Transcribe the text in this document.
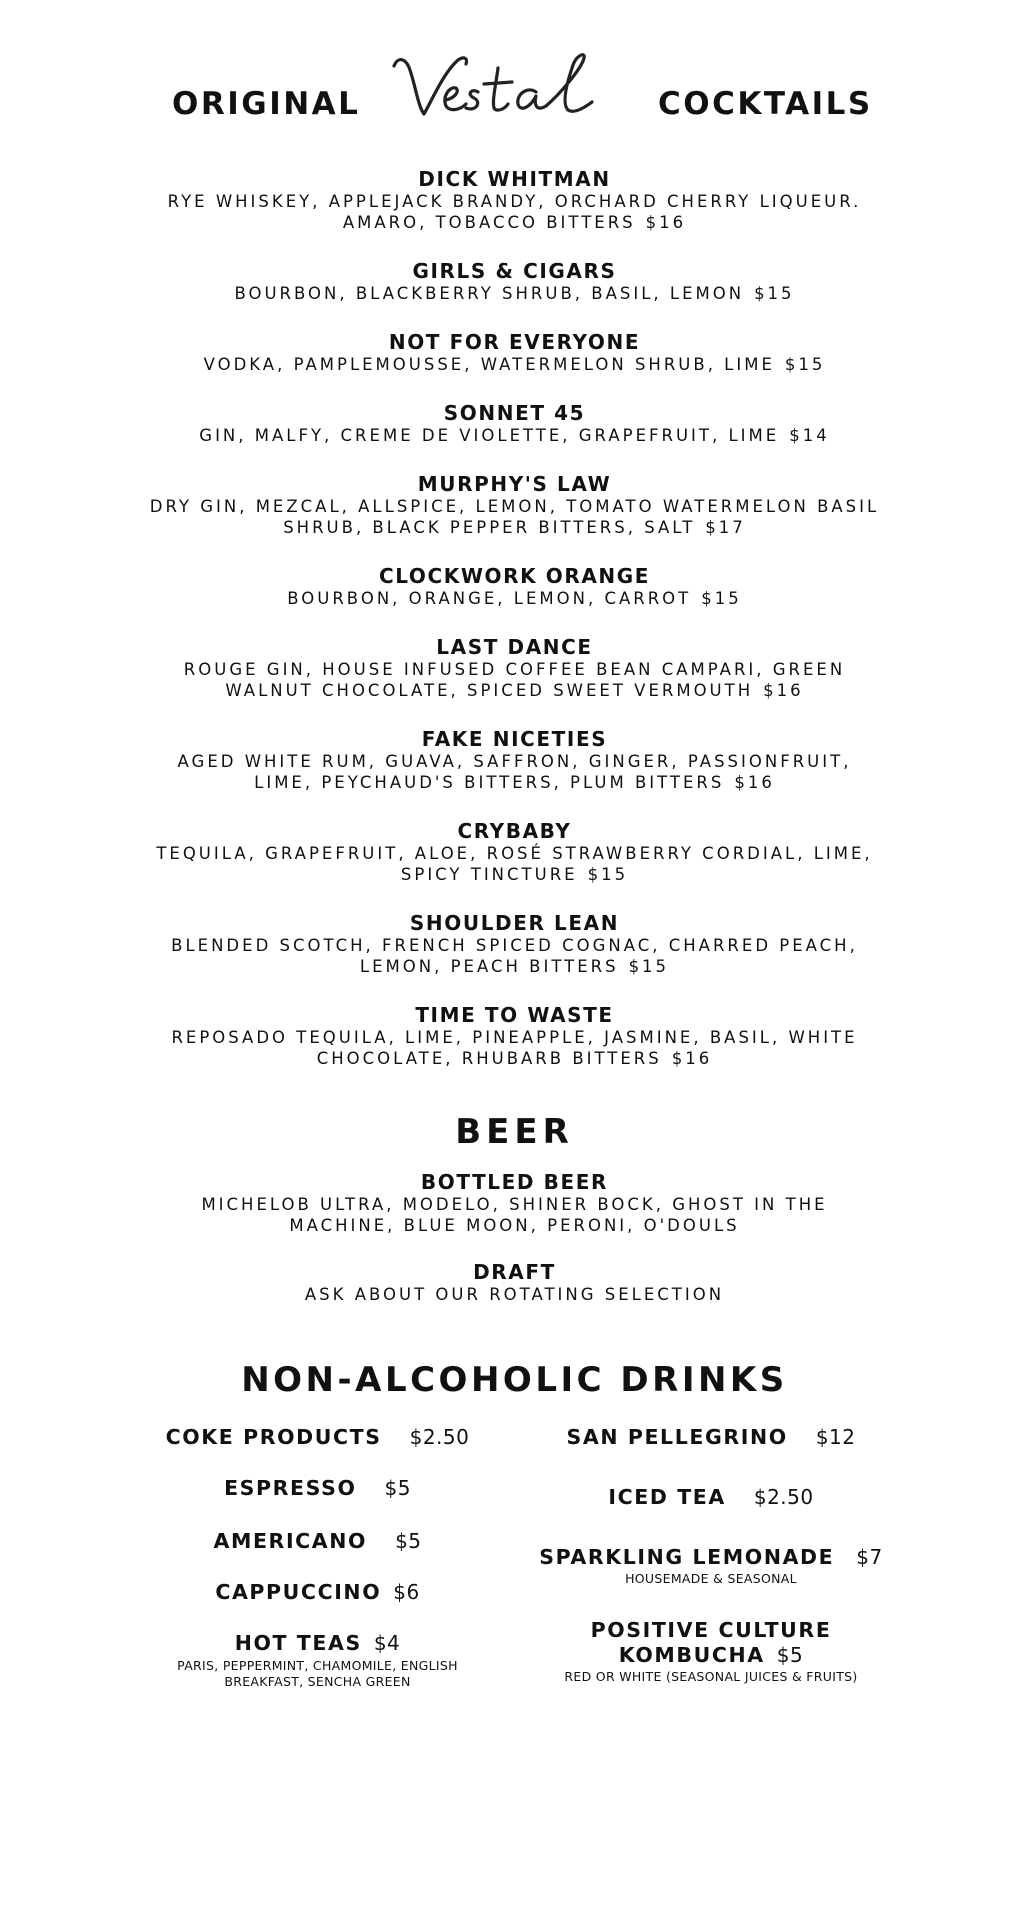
ORIGINAL
Vestal
COCKTAILS
DICK WHITMAN
RYE WHISKEY, APPLEJACK BRANDY, ORCHARD CHERRY LIQUEUR. AMARO, TOBACCO BITTERS $16
GIRLS & CIGARS
BOURBON, BLACKBERRY SHRUB, BASIL, LEMON $15
NOT FOR EVERYONE
VODKA, PAMPLEMOUSSE, WATERMELON SHRUB, LIME $15
SONNET 45
GIN, MALFY, CREME DE VIOLETTE, GRAPEFRUIT, LIME $14
MURPHY'S LAW
DRY GIN, MEZCAL, ALLSPICE, LEMON, TOMATO WATERMELON BASIL SHRUB, BLACK PEPPER BITTERS, SALT $17
CLOCKWORK ORANGE
BOURBON, ORANGE, LEMON, CARROT $15
LAST DANCE
ROUGE GIN, HOUSE INFUSED COFFEE BEAN CAMPARI, GREEN WALNUT CHOCOLATE, SPICED SWEET VERMOUTH $16
FAKE NICETIES
AGED WHITE RUM, GUAVA, SAFFRON, GINGER, PASSIONFRUIT, LIME, PEYCHAUD'S BITTERS, PLUM BITTERS $16
CRYBABY
TEQUILA, GRAPEFRUIT, ALOE, ROSÉ STRAWBERRY CORDIAL, LIME, SPICY TINCTURE $15
SHOULDER LEAN
BLENDED SCOTCH, FRENCH SPICED COGNAC, CHARRED PEACH, LEMON, PEACH BITTERS $15
TIME TO WASTE
REPOSADO TEQUILA, LIME, PINEAPPLE, JASMINE, BASIL, WHITE CHOCOLATE, RHUBARB BITTERS $16
BEER
BOTTLED BEER
MICHELOB ULTRA, MODELO, SHINER BOCK, GHOST IN THE MACHINE, BLUE MOON, PERONI, O'DOULS
DRAFT
ASK ABOUT OUR ROTATING SELECTION
NON-ALCOHOLIC DRINKS
COKE PRODUCTS $2.50
ESPRESSO $5
AMERICANO $5
CAPPUCCINO $6
HOT TEAS $4
PARIS, PEPPERMINT, CHAMOMILE, ENGLISH BREAKFAST, SENCHA GREEN
SAN PELLEGRINO $12
ICED TEA $2.50
SPARKLING LEMONADE $7
HOUSEMADE & SEASONAL
POSITIVE CULTURE KOMBUCHA $5
RED OR WHITE (SEASONAL JUICES & FRUITS)
